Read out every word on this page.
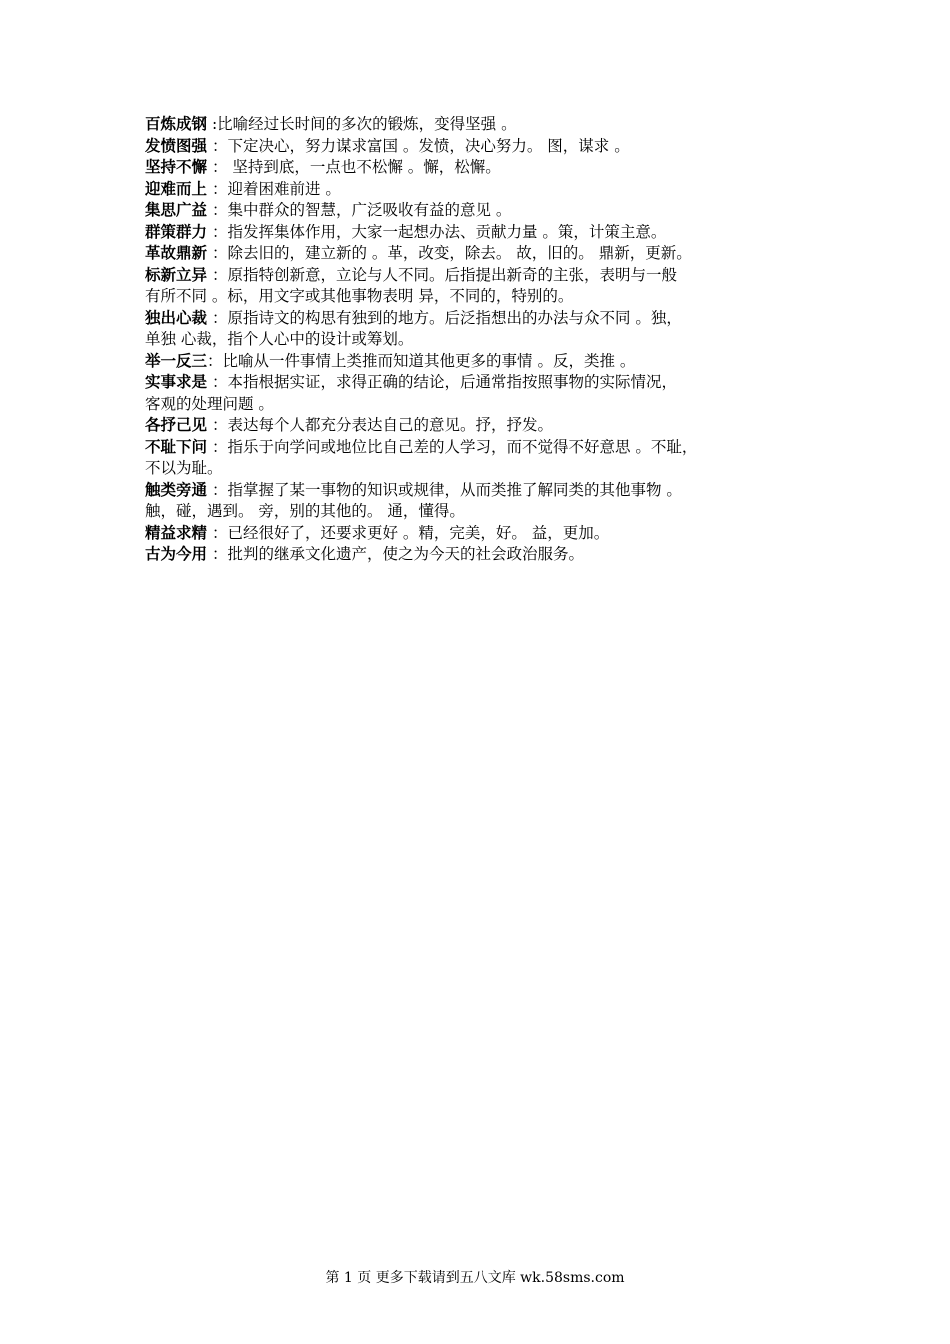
百炼成钢 :比喻经过长时间的多次的锻炼，变得坚强 。

发愤图强 ：下定决心，努力谋求富国 。发愤，决心努力。 图，谋求 。

坚持不懈 ： 坚持到底，一点也不松懈 。懈，松懈。

迎难而上 ：迎着困难前进 。

集思广益 ：集中群众的智慧，广泛吸收有益的意见 。

群策群力 ：指发挥集体作用，大家一起想办法、贡献力量 。策，计策主意。

革故鼎新 ：除去旧的，建立新的 。革，改变，除去。 故，旧的。 鼎新，更新。

标新立异 ：原指特创新意，立论与人不同。后指提出新奇的主张，表明与一般

有所不同 。标，用文字或其他事物表明 异，不同的，特别的。

独出心裁 ：原指诗文的构思有独到的地方。后泛指想出的办法与众不同 。独，

单独 心裁，指个人心中的设计或筹划。

举一反三：比喻从一件事情上类推而知道其他更多的事情 。反，类推 。

实事求是 ：本指根据实证，求得正确的结论，后通常指按照事物的实际情况，

客观的处理问题 。

各抒己见 ：表达每个人都充分表达自己的意见。抒，抒发。

不耻下问 ：指乐于向学问或地位比自己差的人学习，而不觉得不好意思 。不耻，

不以为耻。

触类旁通 ：指掌握了某一事物的知识或规律，从而类推了解同类的其他事物 。

触，碰，遇到。 旁，别的其他的。 通，懂得。

精益求精 ：已经很好了，还要求更好 。精，完美，好。 益，更加。

古为今用 ：批判的继承文化遗产，使之为今天的社会政治服务。

第 1 页 更多下载请到五八文库 wk.58sms.com
